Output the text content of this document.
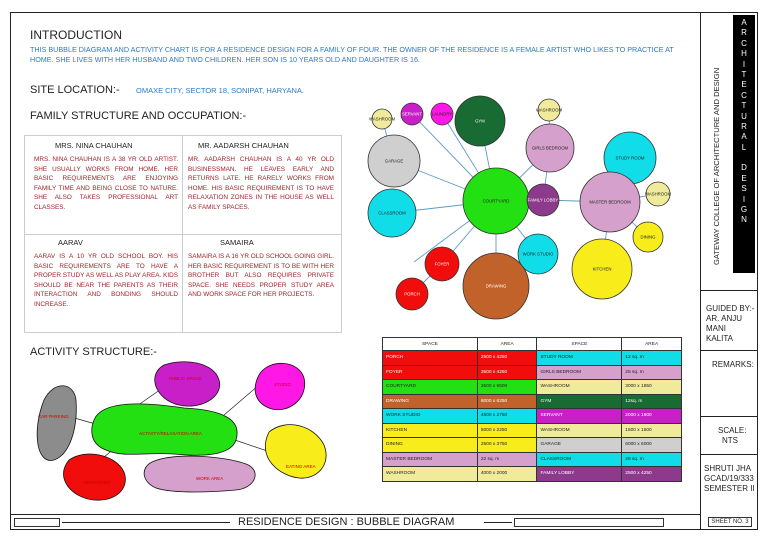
INTRODUCTION
THIS BUBBLE DIAGRAM AND ACTIVITY CHART IS FOR A RESIDENCE DESIGN FOR A FAMILY OF FOUR. THE OWNER OF THE RESIDENCE IS A FEMALE ARTIST WHO LIKES TO PRACTICE AT HOME. SHE LIVES WITH HER HUSBAND AND TWO CHILDREN. HER SON IS 10 YEARS OLD AND DAUGHTER IS 16.
SITE LOCATION:- OMAXE CITY, SECTOR 18, SONIPAT, HARYANA.
FAMILY STRUCTURE AND OCCUPATION:-
MRS. NINA CHAUHAN
MRS. NINA CHAUHAN IS A 38 YR OLD ARTIST. SHE USUALLY WORKS FROM HOME. HER BASIC REQUIREMENTS ARE ENJOYING FAMILY TIME AND BEING CLOSE TO NATURE. SHE ALSO TAKES PROFESSIONAL ART CLASSES.
MR. AADARSH CHAUHAN
MR. AADARSH CHAUHAN IS A 40 YR OLD BUSINESSMAN. HE LEAVES EARLY AND RETURNS LATE. HE RARELY WORKS FROM HOME. HIS BASIC REQUIREMENT IS TO HAVE RELAXATION ZONES IN THE HOUSE AS WELL AS FAMILY SPACES.
AARAV
AARAV IS A 10 YR OLD SCHOOL BOY. HIS BASIC REQUIREMENTS ARE TO HAVE A PROPER STUDY AS WELL AS PLAY AREA. KIDS SHOULD BE NEAR THE PARENTS AS THEIR INTERACTION AND BONDING SHOULD INCREASE.
SAMAIRA
SAMAIRA IS A 16 YR OLD SCHOOL GOING GIRL. HER BASIC REQUIREMENT IS TO BE WITH HER BROTHER BUT ALSO REQUIRES PRIVATE SPACE. SHE NEEDS PROPER STUDY AREA AND WORK SPACE FOR HER PROJECTS.
ACTIVITY STRUCTURE:-
CAR PARKING
PUBLIC SPACE
ACTIVITY/RELAXATION AREA
STUDIO
EATING AREA
WORK AREA
BEDROOMS
WASHROOM
SERVANT LAUNDRY
GYM
WASHROOM
GARAGE
GIRLS BEDROOM
STUDY ROOM
COURTYARD	FAMILY LOBBY	MASTER BEDROOM
WASHROOM
CLASSROOM
DINING
WORK STUDIO
FOYER
KITCHEN
DRAWING
PORCH
SPACE	AREA	SPACE	AREA
PORCH	2500 x 4250	STUDY ROOM	12 sq. m
FOYER	3500 x 4250	GIRLS BEDROOM	25 sq. m
COURTYARD	3500 x 6500	WASHROOM	3000 x 1850
DRAWING	6000 x 6250	GYM	12sq. m
WORK STUDIO	4500 x 2750	SERVANT	2000 x 1600
KITCHEN	5000 x 2250	WASHROOM	1500 x 1500
DINING	2500 x 3750	GARAGE	6000 x 6000
MASTER BEDROOM	22 sq. m	CLASSROOM	28 sq. m
WASHROOM	4000 x 2000	FAMILY LOBBY	2500 x 4250
A
R
C
H
I
T
E
C
T
U
R
A
L
D
E
S
I
G
N
GATEWAY COLLEGE OF ARCHITECTURE AND DESIGN
GUIDED BY:-
AR. ANJU
MANI
KALITA
REMARKS:
SCALE:
NTS
SHRUTI JHA
GCAD/19/333
SEMESTER II
RESIDENCE DESIGN : BUBBLE DIAGRAM	SHEET NO. 3
